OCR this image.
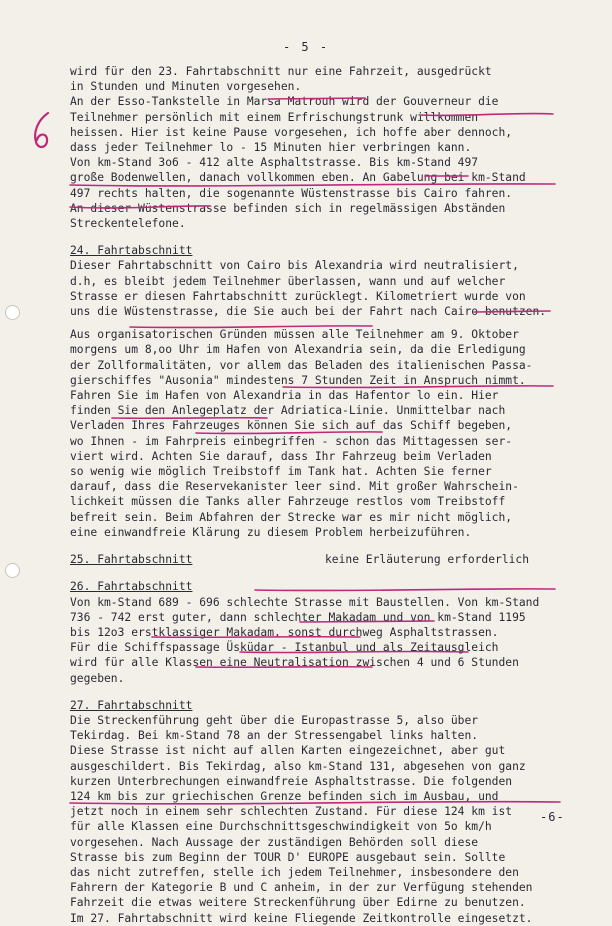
- 5 -
wird für den 23. Fahrtabschnitt nur eine Fahrzeit, ausgedrückt
in Stunden und Minuten vorgesehen.
An der Esso-Tankstelle in Marsa Matrouh wird der Gouverneur die
Teilnehmer persönlich mit einem Erfrischungstrunk willkommen
heissen. Hier ist keine Pause vorgesehen, ich hoffe aber dennoch,
dass jeder Teilnehmer lo - 15 Minuten hier verbringen kann.
Von km-Stand 3o6 - 412 alte Asphaltstrasse. Bis km-Stand 497
große Bodenwellen, danach vollkommen eben. An Gabelung bei km-Stand
497 rechts halten, die sogenannte Wüstenstrasse bis Cairo fahren.
An dieser Wüstenstrasse befinden sich in regelmässigen Abständen
Streckentelefone.
24. Fahrtabschnitt
Dieser Fahrtabschnitt von Cairo bis Alexandria wird neutralisiert,
d.h, es bleibt jedem Teilnehmer überlassen, wann und auf welcher
Strasse er diesen Fahrtabschnitt zurücklegt. Kilometriert wurde von
uns die Wüstenstrasse, die Sie auch bei der Fahrt nach Cairo benutzen.
Aus organisatorischen Gründen müssen alle Teilnehmer am 9. Oktober
morgens um 8,oo Uhr im Hafen von Alexandria sein, da die Erledigung
der Zollformalitäten, vor allem das Beladen des italienischen Passa-
gierschiffes "Ausonia" mindestens 7 Stunden Zeit in Anspruch nimmt.
Fahren Sie im Hafen von Alexandria in das Hafentor lo ein. Hier
finden Sie den Anlegeplatz der Adriatica-Linie. Unmittelbar nach
Verladen Ihres Fahrzeuges können Sie sich auf das Schiff begeben,
wo Ihnen - im Fahrpreis einbegriffen - schon das Mittagessen ser-
viert wird. Achten Sie darauf, dass Ihr Fahrzeug beim Verladen
so wenig wie möglich Treibstoff im Tank hat. Achten Sie ferner
darauf, dass die Reservekanister leer sind. Mit großer Wahrschein-
lichkeit müssen die Tanks aller Fahrzeuge restlos vom Treibstoff
befreit sein. Beim Abfahren der Strecke war es mir nicht möglich,
eine einwandfreie Klärung zu diesem Problem herbeizuführen.
25. Fahrtabschnitt	keine Erläuterung erforderlich
26. Fahrtabschnitt
Von km-Stand 689 - 696 schlechte Strasse mit Baustellen. Von km-Stand
736 - 742 erst guter, dann schlechter Makadam und von km-Stand 1195
bis 12o3 erstklassiger Makadam, sonst durchweg Asphaltstrassen.
Für die Schiffspassage Üsküdar - Istanbul und als Zeitausgleich
wird für alle Klassen eine Neutralisation zwischen 4 und 6 Stunden
gegeben.
27. Fahrtabschnitt
Die Streckenführung geht über die Europastrasse 5, also über
Tekirdag. Bei km-Stand 78 an der Stressengabel links halten.
Diese Strasse ist nicht auf allen Karten eingezeichnet, aber gut
ausgeschildert. Bis Tekirdag, also km-Stand 131, abgesehen von ganz
kurzen Unterbrechungen einwandfreie Asphaltstrasse. Die folgenden
124 km bis zur griechischen Grenze befinden sich im Ausbau, und
jetzt noch in einem sehr schlechten Zustand. Für diese 124 km ist
für alle Klassen eine Durchschnittsgeschwindigkeit von 5o km/h
vorgesehen. Nach Aussage der zuständigen Behörden soll diese
Strasse bis zum Beginn der TOUR D' EUROPE ausgebaut sein. Sollte
das nicht zutreffen, stelle ich jedem Teilnehmer, insbesondere den
Fahrern der Kategorie B und C anheim, in der zur Verfügung stehenden
Fahrzeit die etwas weitere Streckenführung über Edirne zu benutzen.
Im 27. Fahrtabschnitt wird keine Fliegende Zeitkontrolle eingesetzt.
-6-
